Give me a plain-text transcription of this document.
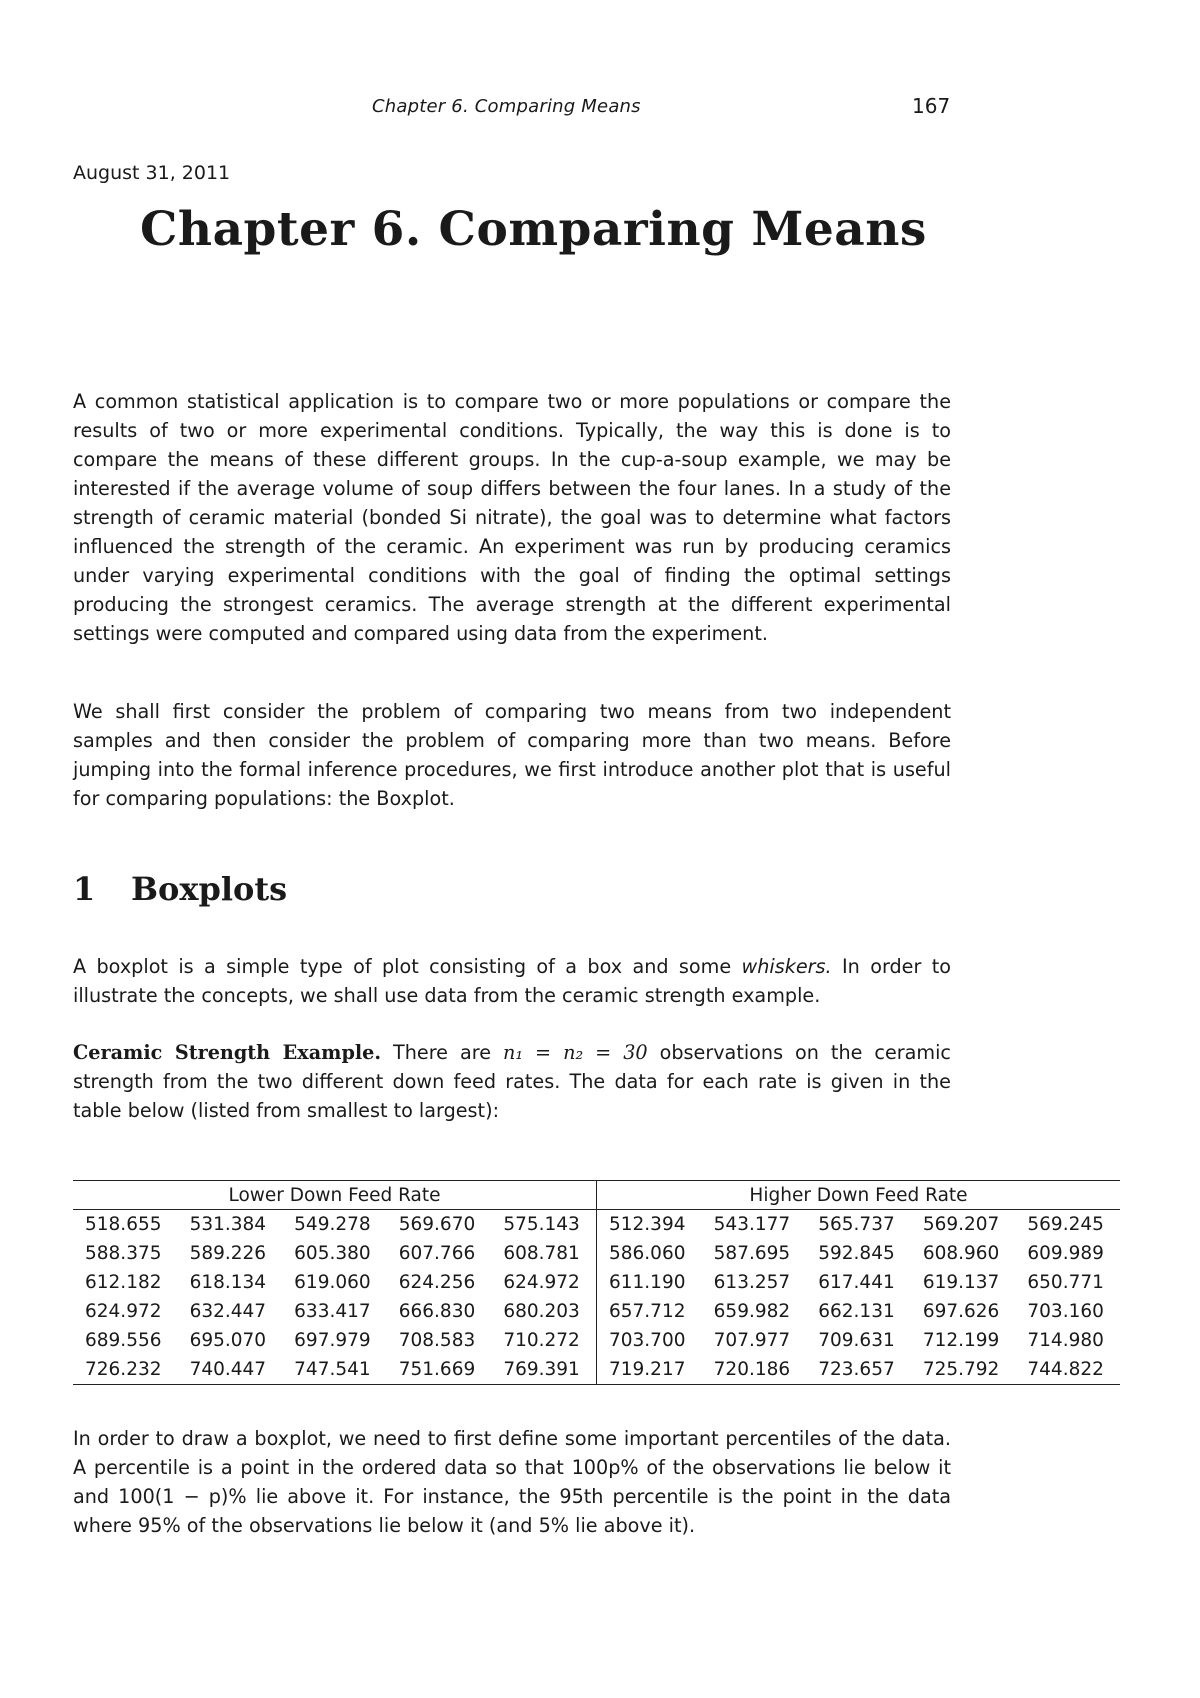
Chapter 6. Comparing Means	167
August 31, 2011
Chapter 6. Comparing Means

A common statistical application is to compare two or more populations or compare the results of two or more experimental conditions. Typically, the way this is done is to compare the means of these different groups. In the cup-a-soup example, we may be interested if the average volume of soup differs between the four lanes. In a study of the strength of ceramic material (bonded Si nitrate), the goal was to determine what factors influenced the strength of the ceramic. An experiment was run by producing ceramics under varying experimental conditions with the goal of finding the optimal settings producing the strongest ceramics. The average strength at the different experimental settings were computed and compared using data from the experiment.

We shall first consider the problem of comparing two means from two independent samples and then consider the problem of comparing more than two means. Before jumping into the formal inference procedures, we first introduce another plot that is useful for comparing populations: the Boxplot.

1 Boxplots

A boxplot is a simple type of plot consisting of a box and some whiskers. In order to illustrate the concepts, we shall use data from the ceramic strength example.

Ceramic Strength Example. There are n₁ = n₂ = 30 observations on the ceramic strength from the two different down feed rates. The data for each rate is given in the table below (listed from smallest to largest):

Lower Down Feed Rate					Higher Down Feed Rate				
518.655	531.384	549.278	569.670	575.143	512.394	543.177	565.737	569.207	569.245
588.375	589.226	605.380	607.766	608.781	586.060	587.695	592.845	608.960	609.989
612.182	618.134	619.060	624.256	624.972	611.190	613.257	617.441	619.137	650.771
624.972	632.447	633.417	666.830	680.203	657.712	659.982	662.131	697.626	703.160
689.556	695.070	697.979	708.583	710.272	703.700	707.977	709.631	712.199	714.980
726.232	740.447	747.541	751.669	769.391	719.217	720.186	723.657	725.792	744.822

In order to draw a boxplot, we need to first define some important percentiles of the data. A percentile is a point in the ordered data so that 100p% of the observations lie below it and 100(1 − p)% lie above it. For instance, the 95th percentile is the point in the data where 95% of the observations lie below it (and 5% lie above it).
